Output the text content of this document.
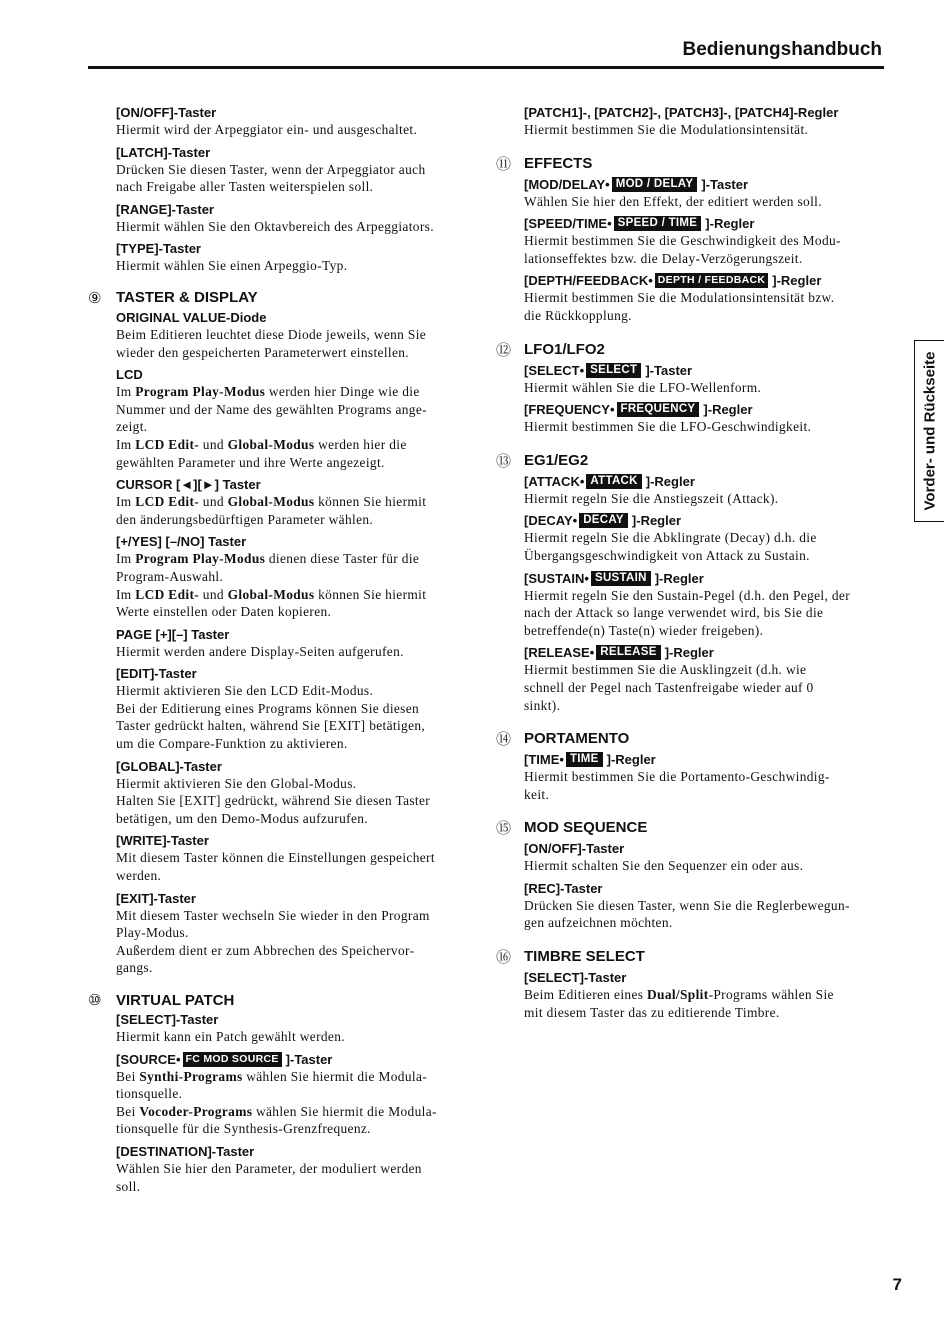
Bedienungshandbuch
[ON/OFF]-Taster
Hiermit wird der Arpeggiator ein- und ausgeschaltet.
[LATCH]-Taster
Drücken Sie diesen Taster, wenn der Arpeggiator auch
nach Freigabe aller Tasten weiterspielen soll.
[RANGE]-Taster
Hiermit wählen Sie den Oktavbereich des Arpeggiators.
[TYPE]-Taster
Hiermit wählen Sie einen Arpeggio-Typ.
⑨ TASTER & DISPLAY
ORIGINAL VALUE-Diode
Beim Editieren leuchtet diese Diode jeweils, wenn Sie
wieder den gespeicherten Parameterwert einstellen.
LCD
Im Program Play-Modus werden hier Dinge wie die
Nummer und der Name des gewählten Programs ange-
zeigt.
Im LCD Edit- und Global-Modus werden hier die
gewählten Parameter und ihre Werte angezeigt.
CURSOR [◄][►] Taster
Im LCD Edit- und Global-Modus können Sie hiermit
den änderungsbedürftigen Parameter wählen.
[+/YES] [–/NO] Taster
Im Program Play-Modus dienen diese Taster für die
Program-Auswahl.
Im LCD Edit- und Global-Modus können Sie hiermit
Werte einstellen oder Daten kopieren.
PAGE [+][–] Taster
Hiermit werden andere Display-Seiten aufgerufen.
[EDIT]-Taster
Hiermit aktivieren Sie den LCD Edit-Modus.
Bei der Editierung eines Programs können Sie diesen
Taster gedrückt halten, während Sie [EXIT] betätigen,
um die Compare-Funktion zu aktivieren.
[GLOBAL]-Taster
Hiermit aktivieren Sie den Global-Modus.
Halten Sie [EXIT] gedrückt, während Sie diesen Taster
betätigen, um den Demo-Modus aufzurufen.
[WRITE]-Taster
Mit diesem Taster können die Einstellungen gespeichert
werden.
[EXIT]-Taster
Mit diesem Taster wechseln Sie wieder in den Program
Play-Modus.
Außerdem dient er zum Abbrechen des Speichervor-
gangs.
⑩ VIRTUAL PATCH
[SELECT]-Taster
Hiermit kann ein Patch gewählt werden.
[SOURCE• FC MOD SOURCE ]-Taster
Bei Synthi-Programs wählen Sie hiermit die Modula-
tionsquelle.
Bei Vocoder-Programs wählen Sie hiermit die Modula-
tionsquelle für die Synthesis-Grenzfrequenz.
[DESTINATION]-Taster
Wählen Sie hier den Parameter, der moduliert werden
soll.
[PATCH1]-, [PATCH2]-, [PATCH3]-, [PATCH4]-Regler
Hiermit bestimmen Sie die Modulationsintensität.
⑪ EFFECTS
[MOD/DELAY• MOD / DELAY ]-Taster
Wählen Sie hier den Effekt, der editiert werden soll.
[SPEED/TIME• SPEED / TIME ]-Regler
Hiermit bestimmen Sie die Geschwindigkeit des Modu-
lationseffektes bzw. die Delay-Verzögerungszeit.
[DEPTH/FEEDBACK• DEPTH / FEEDBACK ]-Regler
Hiermit bestimmen Sie die Modulationsintensität bzw.
die Rückkopplung.
⑫ LFO1/LFO2
[SELECT• SELECT ]-Taster
Hiermit wählen Sie die LFO-Wellenform.
[FREQUENCY• FREQUENCY ]-Regler
Hiermit bestimmen Sie die LFO-Geschwindigkeit.
⑬ EG1/EG2
[ATTACK• ATTACK ]-Regler
Hiermit regeln Sie die Anstiegszeit (Attack).
[DECAY• DECAY ]-Regler
Hiermit regeln Sie die Abklingrate (Decay) d.h. die
Übergangsgeschwindigkeit von Attack zu Sustain.
[SUSTAIN• SUSTAIN ]-Regler
Hiermit regeln Sie den Sustain-Pegel (d.h. den Pegel, der
nach der Attack so lange verwendet wird, bis Sie die
betreffende(n) Taste(n) wieder freigeben).
[RELEASE• RELEASE ]-Regler
Hiermit bestimmen Sie die Ausklingzeit (d.h. wie
schnell der Pegel nach Tastenfreigabe wieder auf 0
sinkt).
⑭ PORTAMENTO
[TIME• TIME ]-Regler
Hiermit bestimmen Sie die Portamento-Geschwindig-
keit.
⑮ MOD SEQUENCE
[ON/OFF]-Taster
Hiermit schalten Sie den Sequenzer ein oder aus.
[REC]-Taster
Drücken Sie diesen Taster, wenn Sie die Reglerbewegun-
gen aufzeichnen möchten.
⑯ TIMBRE SELECT
[SELECT]-Taster
Beim Editieren eines Dual/Split-Programs wählen Sie
mit diesem Taster das zu editierende Timbre.
Vorder- und Rückseite
7
